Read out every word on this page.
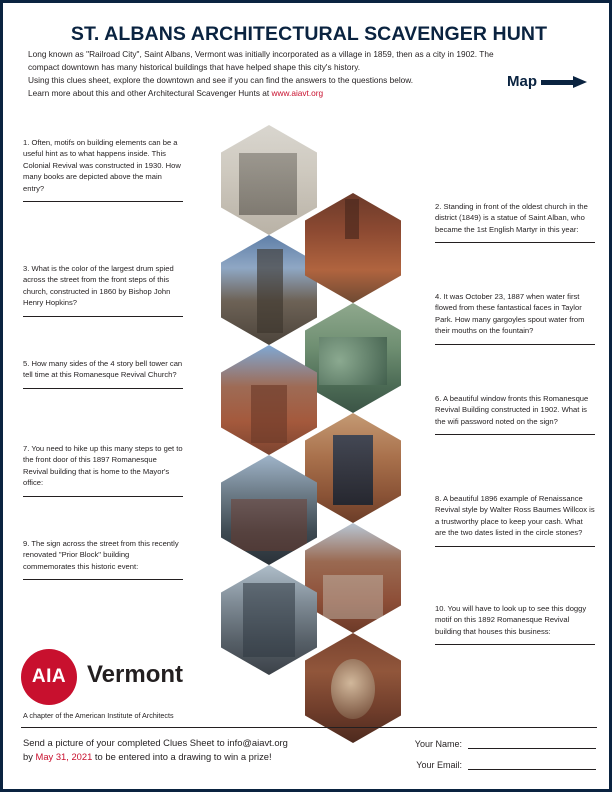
ST. ALBANS ARCHITECTURAL SCAVENGER HUNT

Long known as "Railroad City", Saint Albans, Vermont was initially incorporated as a village in 1859, then as a city in 1902. The

compact downtown has many historical buildings that have helped shape this city's history.

Using this clues sheet, explore the downtown and see if you can find the answers to the questions below.

Learn more about this and other Architectural Scavenger Hunts at www.aiavt.org

Map
1. Often, motifs on building elements can be a useful hint as to what happens inside. This Colonial Revival was constructed in 1930. How many books are depicted above the main entry?
3. What is the color of the largest drum spied across the street from the front steps of this church, constructed in 1860 by Bishop John Henry Hopkins?
5. How many sides of the 4 story bell tower can tell time at this Romanesque Revival Church?
7. You need to hike up this many steps to get to the front door of this 1897 Romanesque Revival building that is home to the Mayor's office:
9. The sign across the street from this recently renovated "Prior Block" building commemorates this historic event:
2. Standing in front of the oldest church in the district (1849) is a statue of Saint Alban, who became the 1st English Martyr in this year:
4. It was October 23, 1887 when water first flowed from these fantastical faces in Taylor Park. How many gargoyles spout water from their mouths on the fountain?
6. A beautiful window fronts this Romanesque Revival Building constructed in 1902. What is the wifi password noted on the sign?
8. A beautiful 1896 example of Renaissance Revival style by Walter Ross Baumes Willcox is a trustworthy place to keep your cash. What are the two dates listed in the circle stones?
10. You will have to look up to see this doggy motif on this 1892 Romanesque Revival building that houses this business:
AIA Vermont
A chapter of the American Institute of Architects
Send a picture of your completed Clues Sheet to info@aiavt.org
by May 31, 2021 to be entered into a drawing to win a prize!
Your Name:
Your Email:
